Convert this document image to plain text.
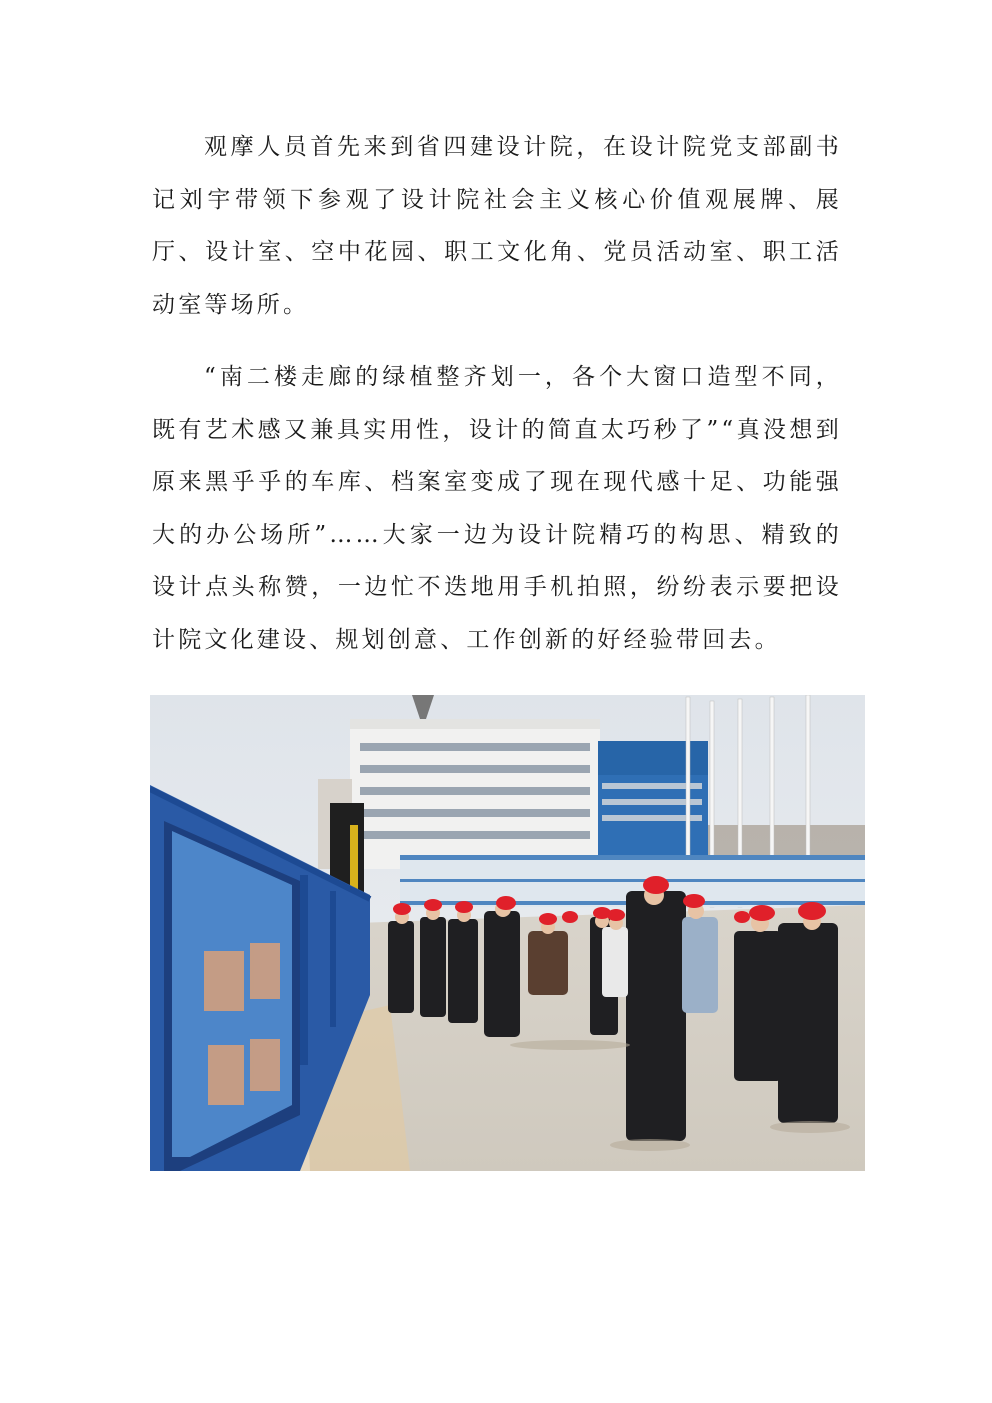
观摩人员首先来到省四建设计院，在设计院党支部副书记刘宇带领下参观了设计院社会主义核心价值观展牌、展厅、设计室、空中花园、职工文化角、党员活动室、职工活动室等场所。

“南二楼走廊的绿植整齐划一，各个大窗口造型不同，既有艺术感又兼具实用性，设计的简直太巧秒了”“真没想到原来黑乎乎的车库、档案室变成了现在现代感十足、功能强大的办公场所”……大家一边为设计院精巧的构思、精致的设计点头称赞，一边忙不迭地用手机拍照，纷纷表示要把设计院文化建设、规划创意、工作创新的好经验带回去。
